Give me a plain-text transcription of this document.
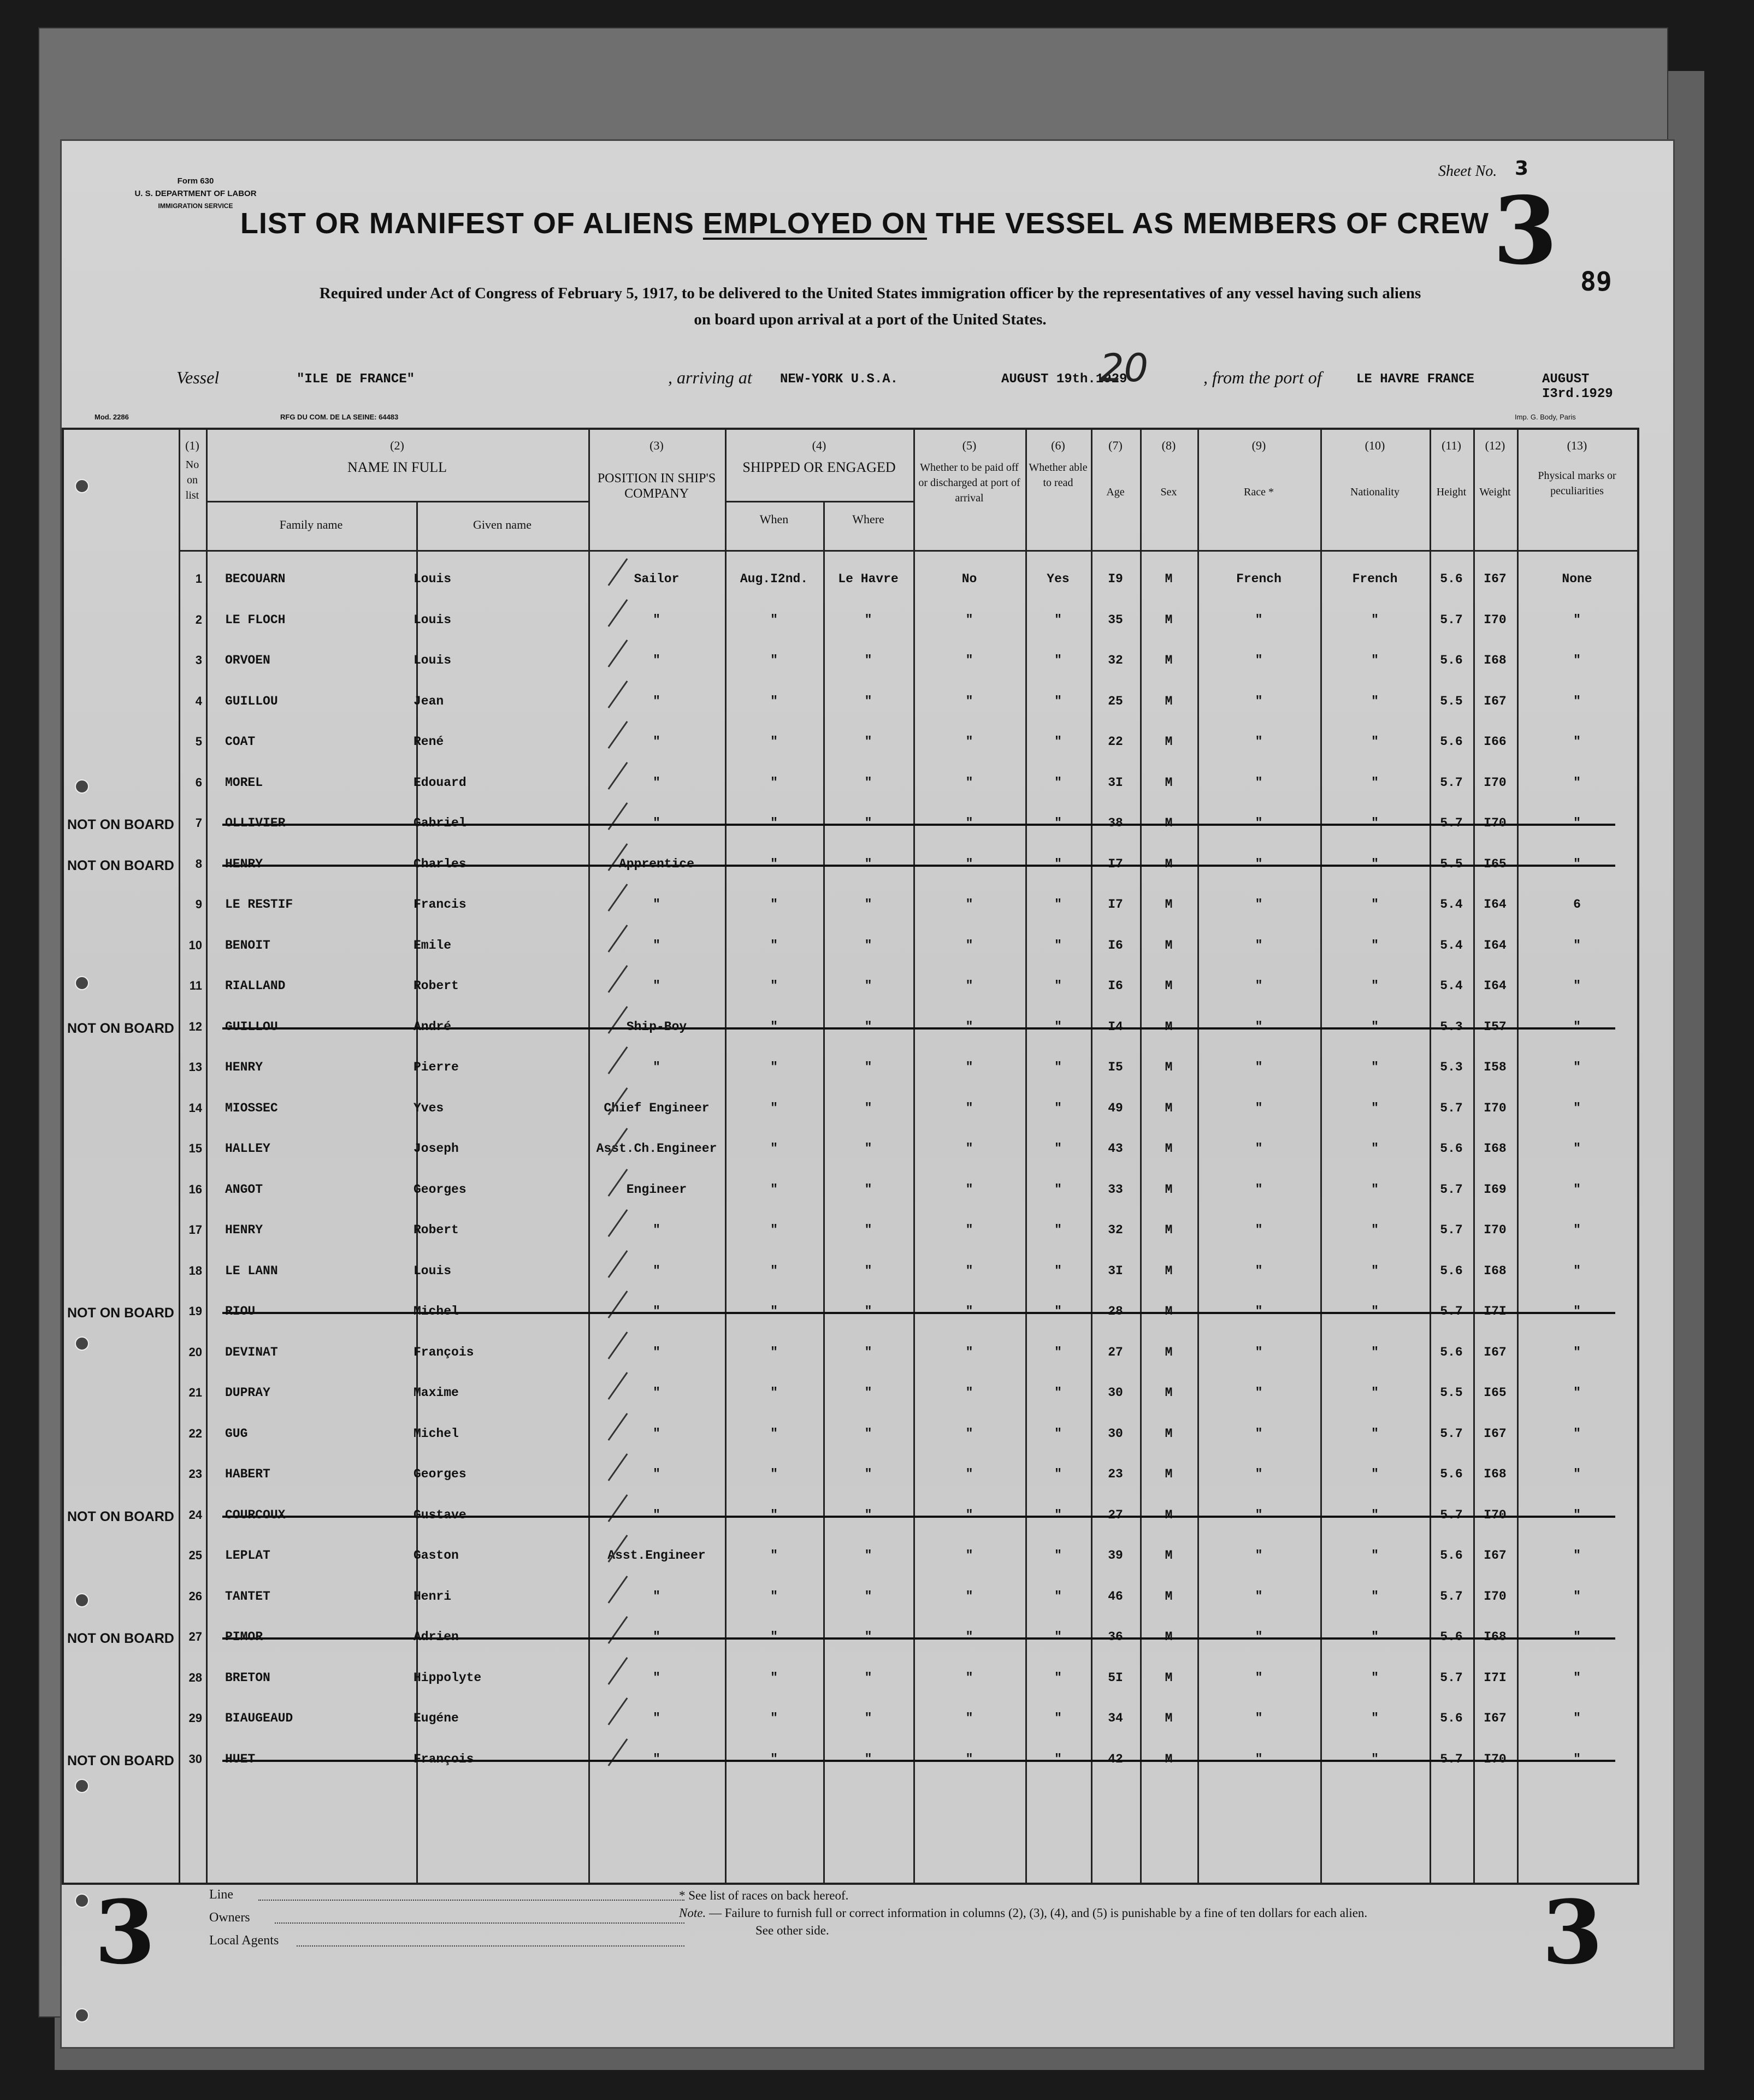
Form 630
U. S. DEPARTMENT OF LABOR
IMMIGRATION SERVICE
Sheet No. 3
3 89
LIST OR MANIFEST OF ALIENS EMPLOYED ON THE VESSEL AS MEMBERS OF CREW
Required under Act of Congress of February 5, 1917, to be delivered to the United States immigration officer by the representatives of any vessel having such aliens
on board upon arrival at a port of the United States.
Vessel	"ILE DE FRANCE"	, arriving at NEW-YORK U.S.A.	AUGUST 19th.1929
20	, from the port of	LE HAVRE FRANCE	AUGUST I3rd.1929
Mod. 2286	RFG DU COM. DE LA SEINE: 64483	Imp. G. Body, Paris
(1)
No on list
(2)
NAME IN FULL
Family name	Given name
(3)
POSITION IN SHIP'S COMPANY
(4)
SHIPPED OR ENGAGED
When	Where
(5)
Whether to be paid off or discharged at port of arrival
(6)
Whether able to read
(7)
Age
(8)
Sex
(9)
Race *
(10)
Nationality
(11)
Height
(12)
Weight
(13)
Physical marks or peculiarities
1 BECOUARN	Louis	Sailor	Aug.I2nd.	Le Havre	No	Yes	I9	M	French	French	5.6	I67	None
2 LE FLOCH	Louis	"	"	"	"	"	35	M	"	"	5.7	I70	"
3 ORVOEN	Louis	"	"	"	"	"	32	M	"	"	5.6	I68	"
4 GUILLOU	Jean	"	"	"	"	"	25	M	"	"	5.5	I67	"
5 COAT	René	"	"	"	"	"	22	M	"	"	5.6	I66	"
6 MOREL	Edouard	"	"	"	"	"	3I	M	"	"	5.7	I70	"
7 OLLIVIER	Gabriel	"	"	"	"	"	38	M	"	"	5.7	I70	"
NOT ON BOARD
8 HENRY	Charles	Apprentice	"	"	"	"	I7	M	"	"	5.5	I65	"
NOT ON BOARD
9 LE RESTIF	Francis	"	"	"	"	"	I7	M	"	"	5.4	I64	6
10 BENOIT	Emile	"	"	"	"	"	I6	M	"	"	5.4	I64	"
11 RIALLAND	Robert	"	"	"	"	"	I6	M	"	"	5.4	I64	"
12 GUILLOU	André	Ship-Boy	"	"	"	"	I4	M	"	"	5.3	I57	"
NOT ON BOARD
13 HENRY	Pierre	"	"	"	"	"	I5	M	"	"	5.3	I58	"
14 MIOSSEC	Yves	Chief Engineer	"	"	"	"	49	M	"	"	5.7	I70	"
15 HALLEY	Joseph	Asst.Ch.Engineer	"	"	"	"	43	M	"	"	5.6	I68	"
16 ANGOT	Georges	Engineer	"	"	"	"	33	M	"	"	5.7	I69	"
17 HENRY	Robert	"	"	"	"	"	32	M	"	"	5.7	I70	"
18 LE LANN	Louis	"	"	"	"	"	3I	M	"	"	5.6	I68	"
19 RIOU	Michel	"	"	"	"	"	28	M	"	"	5.7	I7I	"
NOT ON BOARD
20 DEVINAT	François	"	"	"	"	"	27	M	"	"	5.6	I67	"
21 DUPRAY	Maxime	"	"	"	"	"	30	M	"	"	5.5	I65	"
22 GUG	Michel	"	"	"	"	"	30	M	"	"	5.7	I67	"
23 HABERT	Georges	"	"	"	"	"	23	M	"	"	5.6	I68	"
24 COURCOUX	Gustave	"	"	"	"	"	27	M	"	"	5.7	I70	"
NOT ON BOARD
25 LEPLAT	Gaston	Asst.Engineer	"	"	"	"	39	M	"	"	5.6	I67	"
26 TANTET	Henri	"	"	"	"	"	46	M	"	"	5.7	I70	"
27 PIMOR	Adrien	"	"	"	"	"	36	M	"	"	5.6	I68	"
NOT ON BOARD
28 BRETON	Hippolyte	"	"	"	"	"	5I	M	"	"	5.7	I7I	"
29 BIAUGEAUD	Eugéne	"	"	"	"	"	34	M	"	"	5.6	I67	"
30 HUET	François	"	"	"	"	"	42	M	"	"	5.7	I70	"
NOT ON BOARD

3	3
Line
Owners
Local Agents
* See list of races on back hereof.
Note. — Failure to furnish full or correct information in columns (2), (3), (4), and (5) is punishable by a fine of ten dollars for each alien.
See other side.
